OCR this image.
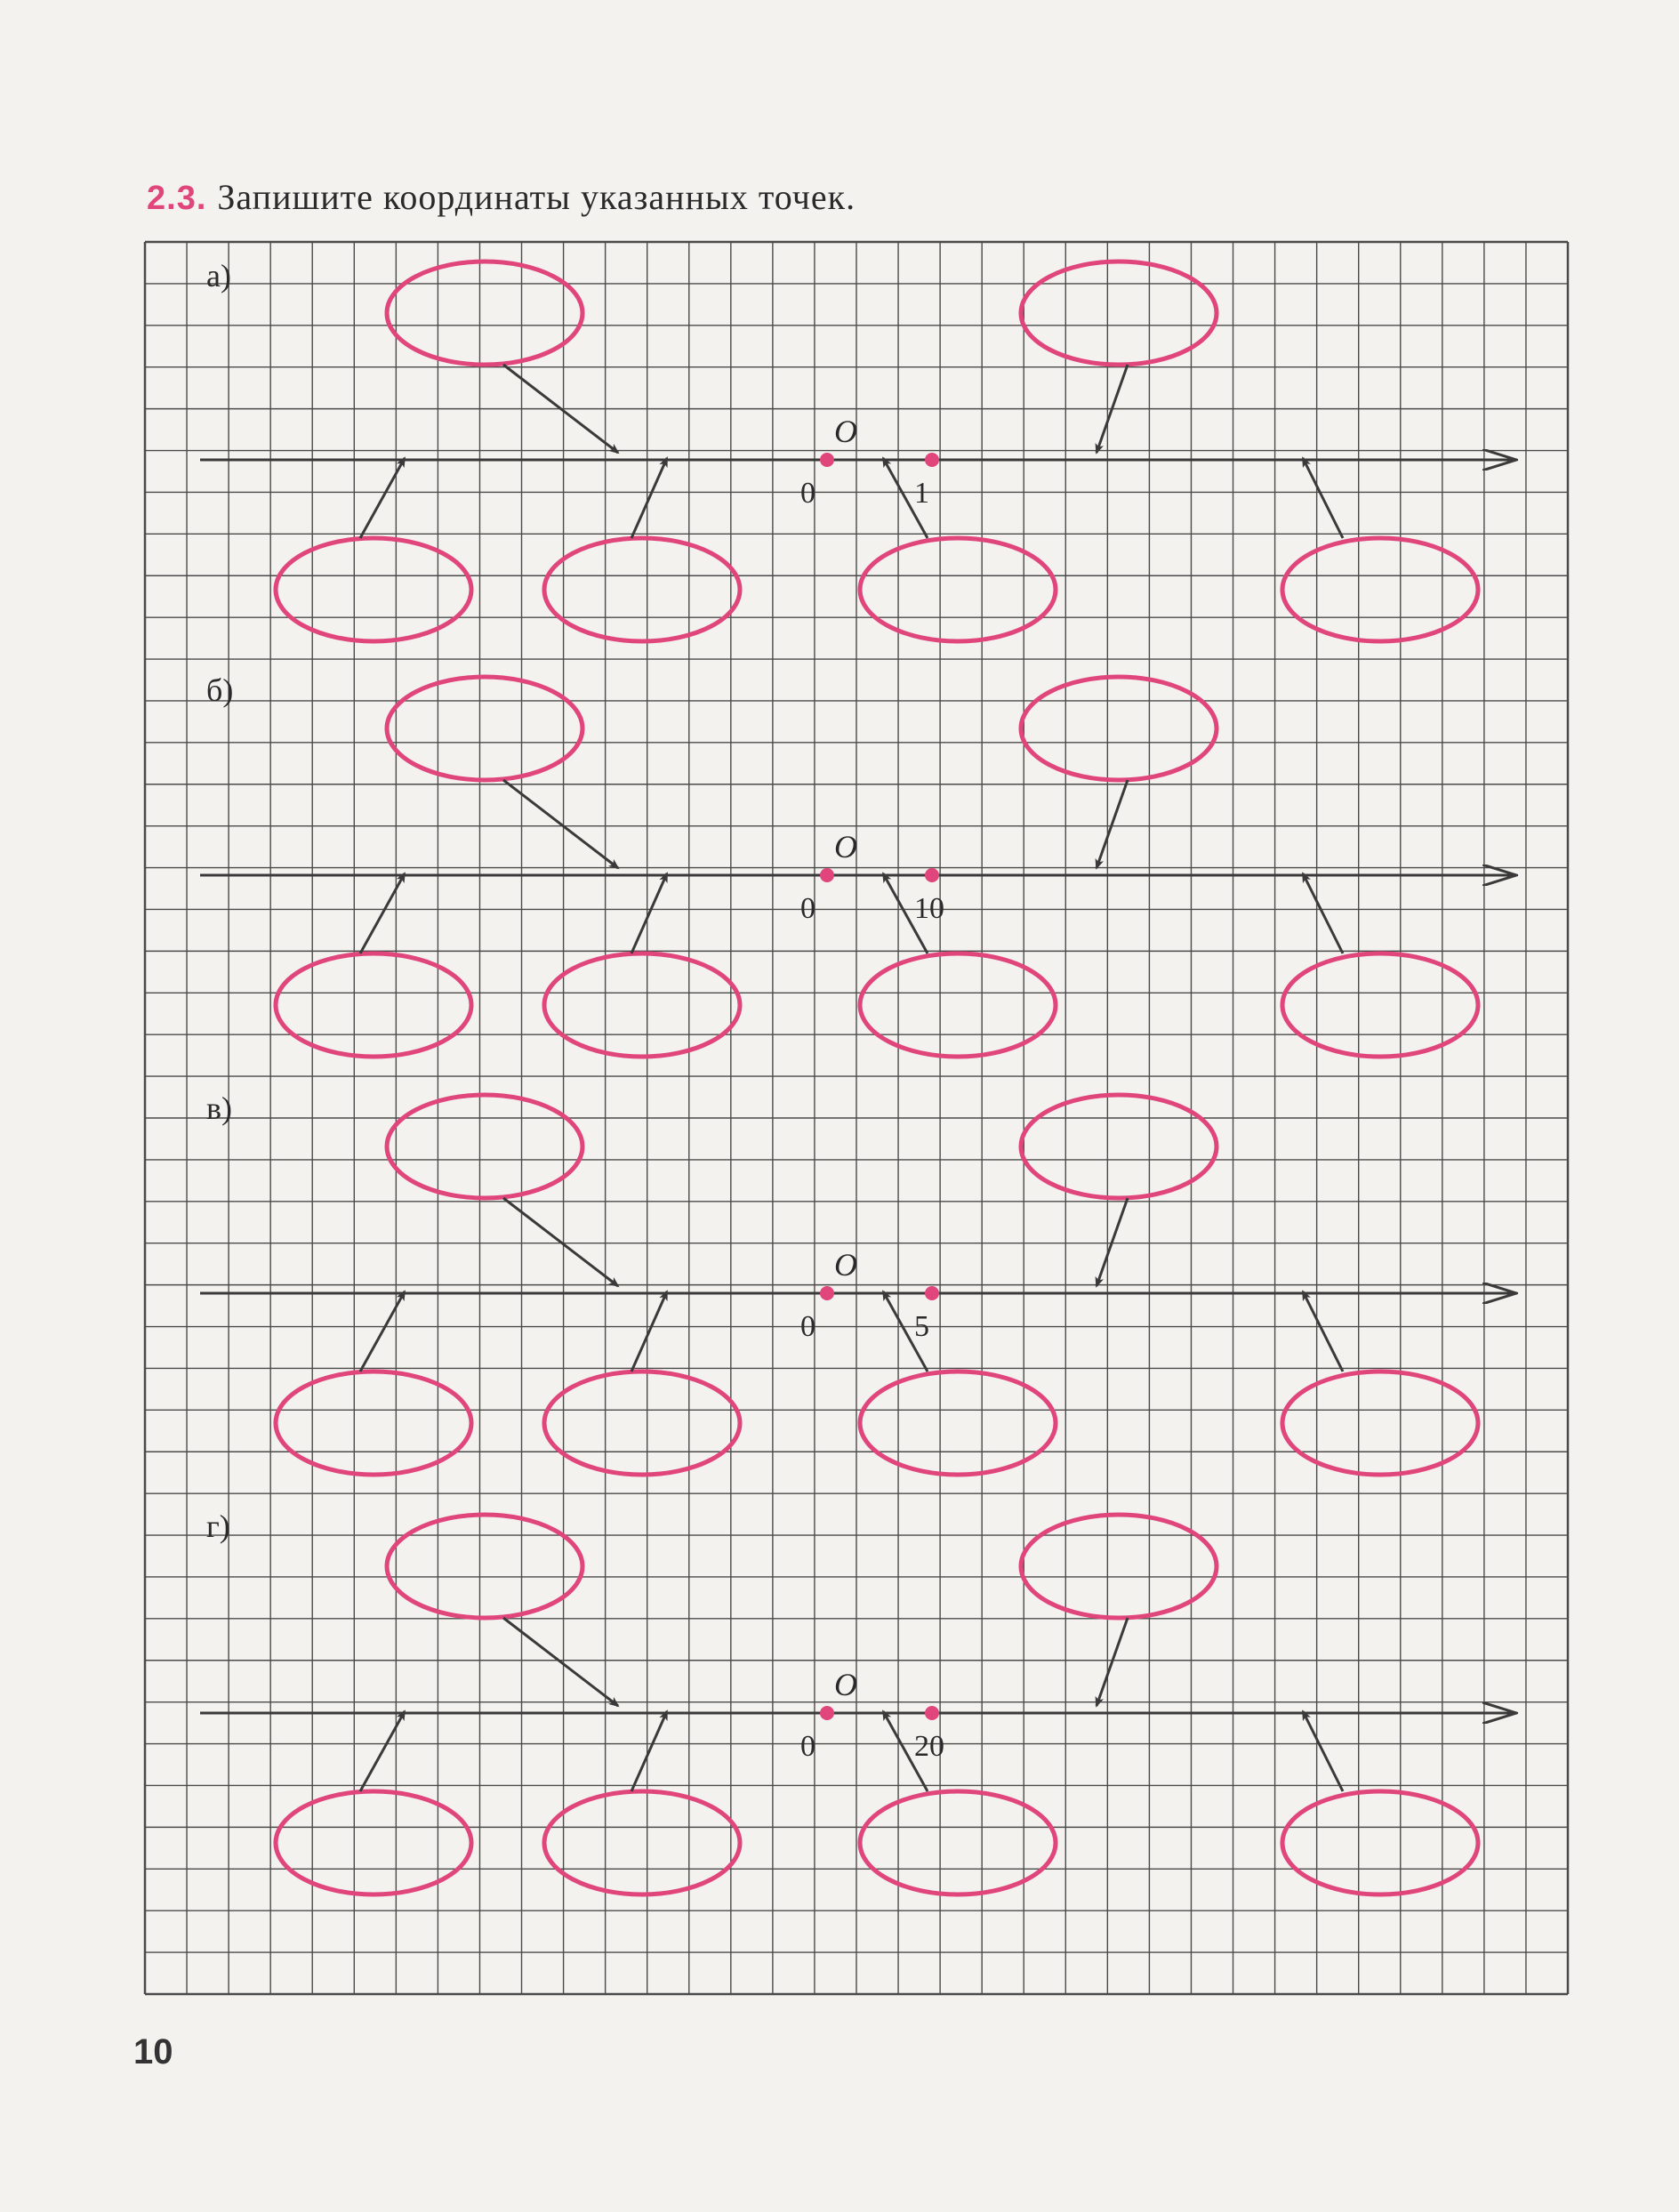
2.3. Запишите координаты указанных точек.
а)
O
0	1
б)
O
0	10
в)
O
0	5
г)
O
0	20
10
